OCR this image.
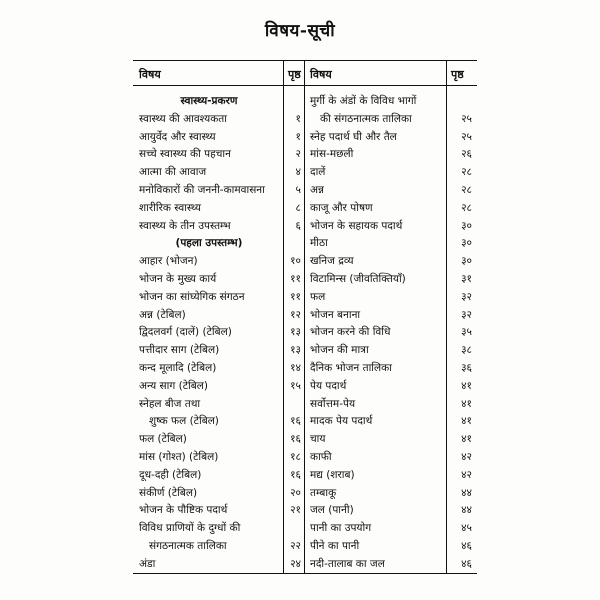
विषय-सूची
विषय	पृष्ठ विषय	पृष्ठ
स्वास्थ्य-प्रकरण
स्वास्थ्य की आवश्यकता	१
आयुर्वेद और स्वास्थ्य	१
सच्चे स्वास्थ्य की पहचान	२
आत्मा की आवाज	४
मनोविकारों की जननी-कामवासना	५
शारीरिक स्वास्थ्य	८
स्वास्थ्य के तीन उपस्तम्भ	६
(पहला उपस्तम्भ)
आहार (भोजन)	१०
भोजन के मुख्य कार्य	११
भोजन का सांघ्येगिक संगठन	११
अन्न (टेबिल)	१२
द्विदलवर्ग (दालें) (टेबिल)	१३
पत्तीदार साग (टेबिल)	१३
कन्द मूलादि (टेबिल)	१४
अन्य साग (टेबिल)	१५
स्नेहल बीज तथा
शुष्क फल (टेबिल)	१६
फल (टेबिल)	१६
मांस (गोश्त) (टेबिल)	१८
दूध-दही (टेबिल)	१६
संकीर्ण (टेबिल)	२०
भोजन के पौष्टिक पदार्थ	२१
विविध प्राणियों के दुग्धों की
संगठनात्मक तालिका	२२
अंडा	२४
मुर्गी के अंडों के विविध भागों
की संगठनात्मक तालिका	२५
स्नेह पदार्थ घी और तैल	२५
मांस-मछली	२६
दालें	२८
अन्न	२८
काजू और पोषण	२८
भोजन के सहायक पदार्थ	३०
मीठा	३०
खनिज द्रव्य	३०
विटामिन्स (जीवतिक्तियाँ)	३१
फल	३२
भोजन बनाना	३२
भोजन करने की विधि	३५
भोजन की मात्रा	३८
दैनिक भोजन तालिका	३६
पेय पदार्थ	४१
सर्वोत्तम-पेय	४१
मादक पेय पदार्थ	४१
चाय	४१
काफी	४२
मद्य (शराब)	४२
तम्बाकू	४४
जल (पानी)	४४
पानी का उपयोग	४५
पीने का पानी	४६
नदी-तालाब का जल	४६
